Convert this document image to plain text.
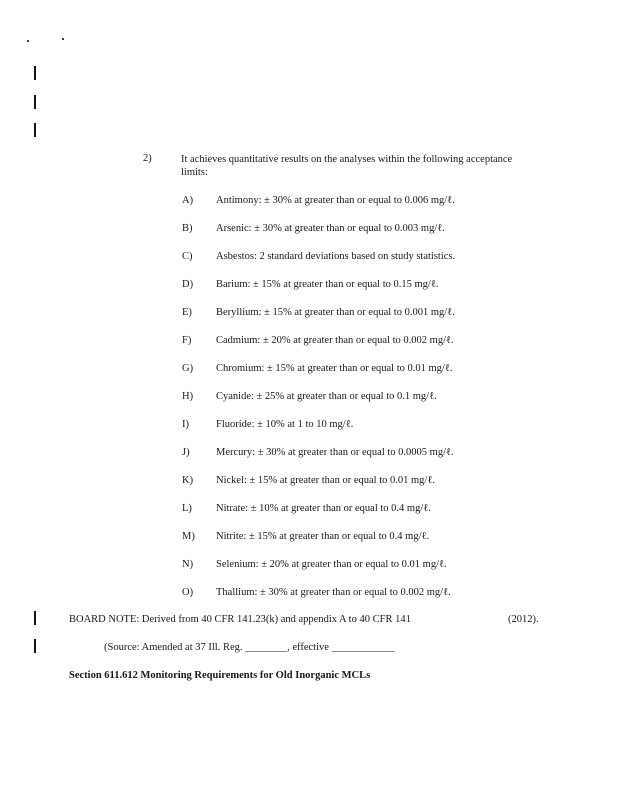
2)	It achieves quantitative results on the analyses within the following acceptance limits:
A) Antimony: ± 30% at greater than or equal to 0.006 mg/ℓ.
B) Arsenic: ± 30% at greater than or equal to 0.003 mg/ℓ.
C) Asbestos: 2 standard deviations based on study statistics.
D) Barium: ± 15% at greater than or equal to 0.15 mg/ℓ.
E) Beryllium: ± 15% at greater than or equal to 0.001 mg/ℓ.
F) Cadmium: ± 20% at greater than or equal to 0.002 mg/ℓ.
G) Chromium: ± 15% at greater than or equal to 0.01 mg/ℓ.
H) Cyanide: ± 25% at greater than or equal to 0.1 mg/ℓ.
I)	Fluoride: ± 10% at 1 to 10 mg/ℓ.
J)	Mercury: ± 30% at greater than or equal to 0.0005 mg/ℓ.
K) Nickel: ± 15% at greater than or equal to 0.01 mg/ℓ.
L) Nitrate: ± 10% at greater than or equal to 0.4 mg/ℓ.
M) Nitrite: ± 15% at greater than or equal to 0.4 mg/ℓ.
N) Selenium: ± 20% at greater than or equal to 0.01 mg/ℓ.
O) Thallium: ± 30% at greater than or equal to 0.002 mg/ℓ.
BOARD NOTE: Derived from 40 CFR 141.23(k) and appendix A to 40 CFR 141	(2012).
(Source: Amended at 37 Ill. Reg. ________, effective ____________
Section 611.612 Monitoring Requirements for Old Inorganic MCLs
